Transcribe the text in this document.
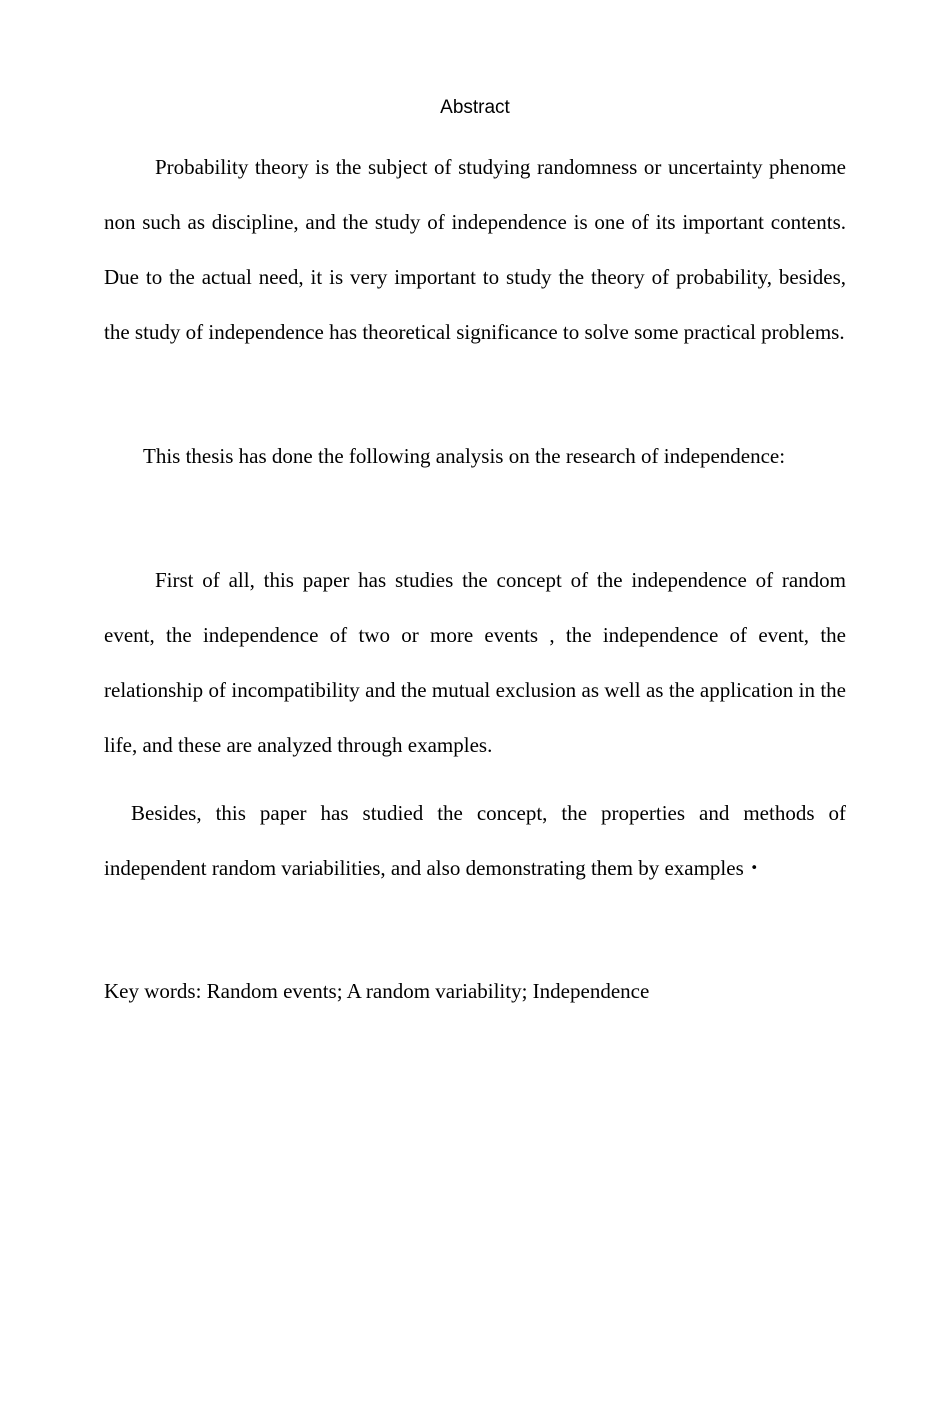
Abstract

Probability theory is the subject of studying randomness or uncertainty phenome non such as discipline, and the study of independence is one of its important contents. Due to the actual need, it is very important to study the theory of probability, besides, the study of independence has theoretical significance to solve some practical problems.

This thesis has done the following analysis on the research of independence:

First of all, this paper has studies the concept of the independence of random event, the independence of two or more events , the independence of event, the relationship of incompatibility and the mutual exclusion as well as the application in the life, and these are analyzed through examples.

Besides, this paper has studied the concept, the properties and methods of independent random variabilities, and also demonstrating them by examples・

Key words: Random events; A random variability; Independence
